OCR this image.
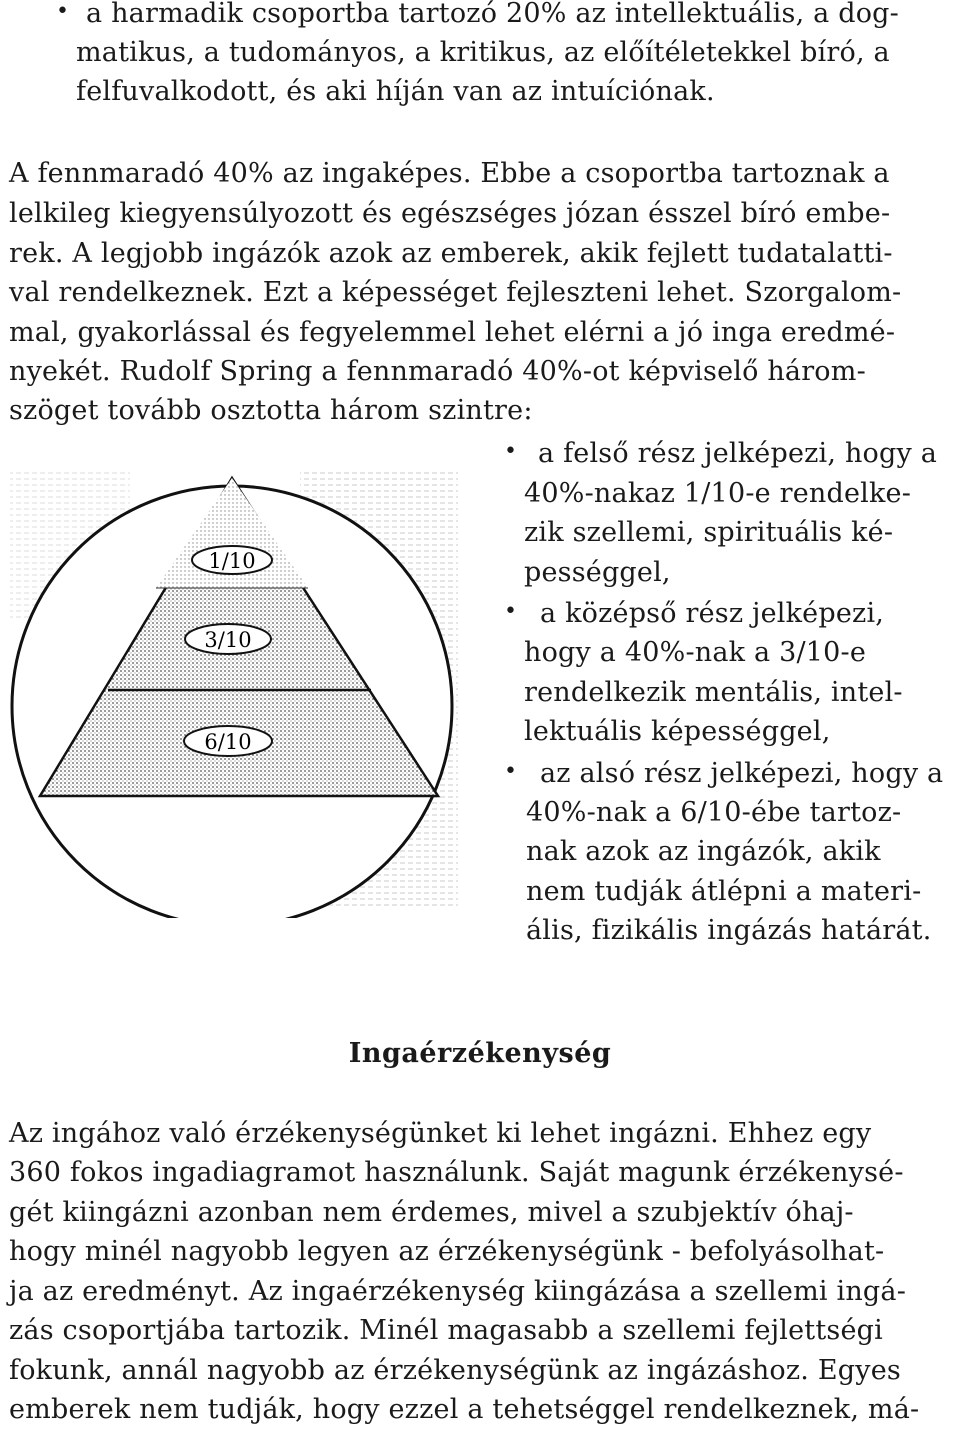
• a harmadik csoportba tartozó 20% az intellektuális, a dog-
matikus, a tudományos, a kritikus, az előítéletekkel bíró, a
felfuvalkodott, és aki híján van az intuíciónak.
A fennmaradó 40% az ingaképes. Ebbe a csoportba tartoznak a
lelkileg kiegyensúlyozott és egészséges józan ésszel bíró embe-
rek. A legjobb ingázók azok az emberek, akik fejlett tudatalatti-
val rendelkeznek. Ezt a képességet fejleszteni lehet. Szorgalom-
mal, gyakorlással és fegyelemmel lehet elérni a jó inga eredmé-
nyekét. Rudolf Spring a fennmaradó 40%-ot képviselő három-
szöget tovább osztotta három szintre:
1/10
3/10
6/10
• a felső rész jelképezi, hogy a
40%-nakaz 1/10-e rendelke-
zik szellemi, spirituális ké-
pességgel,
• a középső rész jelképezi,
hogy a 40%-nak a 3/10-e
rendelkezik mentális, intel-
lektuális képességgel,
• az alsó rész jelképezi, hogy a
40%-nak a 6/10-ébe tartoz-
nak azok az ingázók, akik
nem tudják átlépni a materi-
ális, fizikális ingázás határát.
Ingaérzékenység
Az ingához való érzékenységünket ki lehet ingázni. Ehhez egy
360 fokos ingadiagramot használunk. Saját magunk érzékenysé-
gét kiingázni azonban nem érdemes, mivel a szubjektív óhaj-
hogy minél nagyobb legyen az érzékenységünk - befolyásolhat-
ja az eredményt. Az ingaérzékenység kiingázása a szellemi ingá-
zás csoportjába tartozik. Minél magasabb a szellemi fejlettségi
fokunk, annál nagyobb az érzékenységünk az ingázáshoz. Egyes
emberek nem tudják, hogy ezzel a tehetséggel rendelkeznek, má-
